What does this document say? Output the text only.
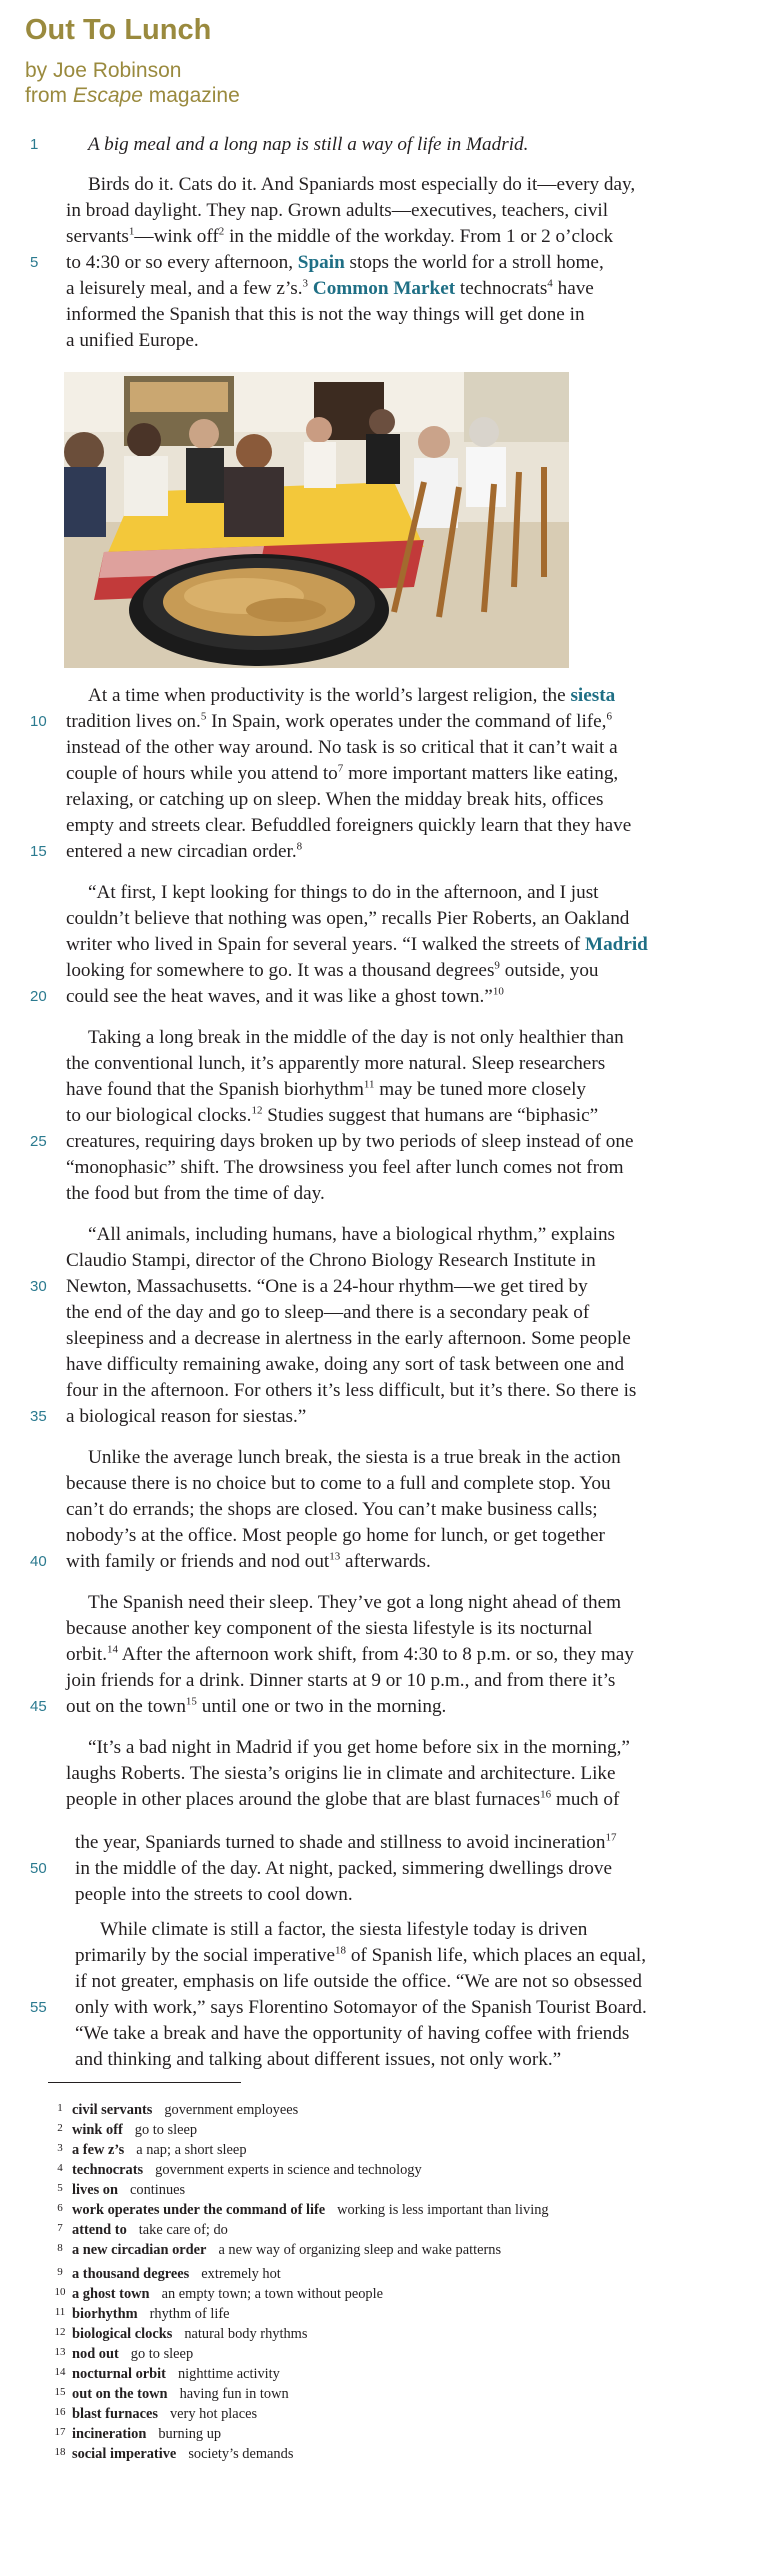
Out To Lunch
by Joe Robinson
from Escape magazine
1
5
10
15
20
25
30
35
40
45
50
55
A big meal and a long nap is still a way of life in Madrid.
Birds do it. Cats do it. And Spaniards most especially do it—every day,
in broad daylight. They nap. Grown adults—executives, teachers, civil
servants$^1$—wink off$^2$ in the middle of the workday. From 1 or 2 o’clock
to 4:30 or so every afternoon, Spain stops the world for a stroll home,
a leisurely meal, and a few z’s.$^3$ Common Market technocrats$^4$ have
informed the Spanish that this is not the way things will get done in
a unified Europe.
At a time when productivity is the world’s largest religion, the siesta
tradition lives on.$^5$ In Spain, work operates under the command of life,$^6$
instead of the other way around. No task is so critical that it can’t wait a
couple of hours while you attend $to^7$ more important matters like eating,
relaxing, or catching up on sleep. When the midday break hits, offices
empty and streets clear. Befuddled foreigners quickly learn that they have
entered a new circadian order.$^8$
“At first, I kept looking for things to do in the afternoon, and I just
couldn’t believe that nothing was open,” recalls Pier Roberts, an Oakland
writer who lived in Spain for several years. “I walked the streets of Madrid
looking for somewhere to go. It was a thousand degrees$^9$ outside, you
could see the heat waves, and it was like a ghost town.”$^{10}$
Taking a long break in the middle of the day is not only healthier than
the conventional lunch, it’s apparently more natural. Sleep researchers
have found that the Spanish biorhythm$^{11}$ may be tuned more closely
to our biological clocks.$^{12}$ Studies suggest that humans are “biphasic”
creatures, requiring days broken up by two periods of sleep instead of one
“monophasic” shift. The drowsiness you feel after lunch comes not from
the food but from the time of day.
“All animals, including humans, have a biological rhythm,” explains
Claudio Stampi, director of the Chrono Biology Research Institute in
Newton, Massachusetts. “One is a 24-hour rhythm—we get tired by
the end of the day and go to sleep—and there is a secondary peak of
sleepiness and a decrease in alertness in the early afternoon. Some people
have difficulty remaining awake, doing any sort of task between one and
four in the afternoon. For others it’s less difficult, but it’s there. So there is
a biological reason for siestas.”
Unlike the average lunch break, the siesta is a true break in the action
because there is no choice but to come to a full and complete stop. You
can’t do errands; the shops are closed. You can’t make business calls;
nobody’s at the office. Most people go home for lunch, or get together
with family or friends and nod out$^{13}$ afterwards.
The Spanish need their sleep. They’ve got a long night ahead of them
because another key component of the siesta lifestyle is its nocturnal
orbit.$^{14}$ After the afternoon work shift, from 4:30 to 8 p.m. or so, they may
join friends for a drink. Dinner starts at 9 or 10 p.m., and from there it’s
out on the town$^{15}$ until one or two in the morning.
“It’s a bad night in Madrid if you get home before six in the morning,”
laughs Roberts. The siesta’s origins lie in climate and architecture. Like
people in other places around the globe that are blast furnaces$^{16}$ much of
the year, Spaniards turned to shade and stillness to avoid incineration$^{17}$
in the middle of the day. At night, packed, simmering dwellings drove
people into the streets to cool down.
While climate is still a factor, the siesta lifestyle today is driven
primarily by the social imperative$^{18}$ of Spanish life, which places an equal,
if not greater, emphasis on life outside the office. “We are not so obsessed
only with work,” says Florentino Sotomayor of the Spanish Tourist Board.
“We take a break and have the opportunity of having coffee with friends
and thinking and talking about different issues, not only work.”
1 civil servants government employees
2 wink off go to sleep
3 a few z’s a nap; a short sleep
4 technocrats government experts in science and technology
5 lives on continues
6 work operates under the command of life working is less important than living
7 attend to take care of; do
8 a new circadian order a new way of organizing sleep and wake patterns
9 a thousand degrees extremely hot
10 a ghost town an empty town; a town without people
11 biorhythm rhythm of life
12 biological clocks natural body rhythms
13 nod out go to sleep
14 nocturnal orbit nighttime activity
15 out on the town having fun in town
16 blast furnaces very hot places
17 incineration burning up
18 social imperative society’s demands
